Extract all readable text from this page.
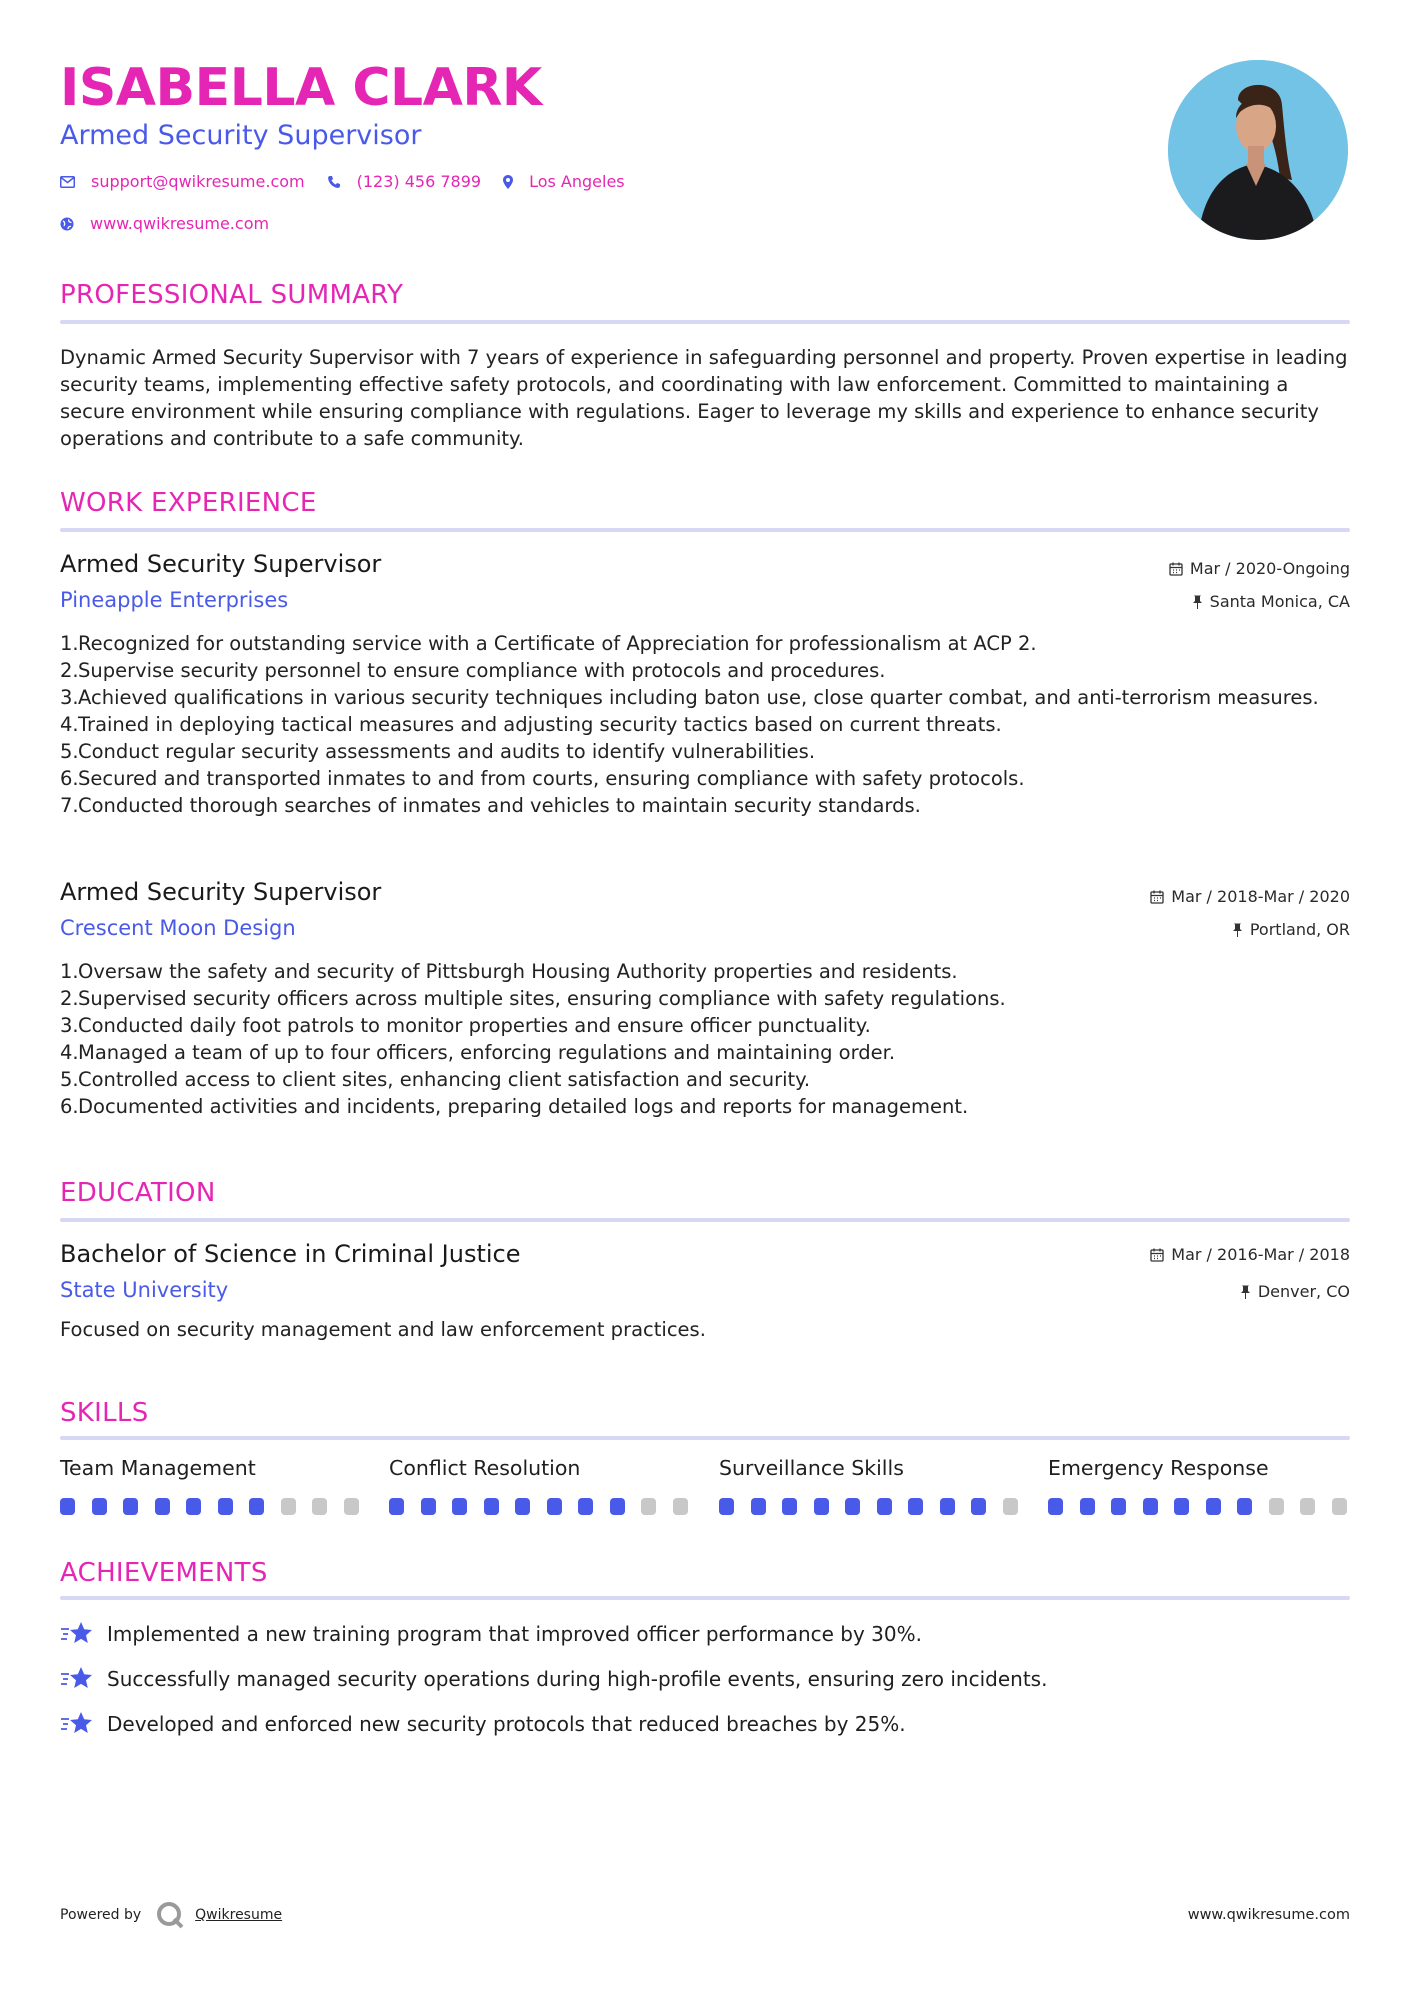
ISABELLA CLARK
Armed Security Supervisor
support@qwikresume.com	(123) 456 7899	Los Angeles
www.qwikresume.com
PROFESSIONAL SUMMARY
Dynamic Armed Security Supervisor with 7 years of experience in safeguarding personnel and property. Proven expertise in leading security teams, implementing effective safety protocols, and coordinating with law enforcement. Committed to maintaining a secure environment while ensuring compliance with regulations. Eager to leverage my skills and experience to enhance security operations and contribute to a safe community.
WORK EXPERIENCE
Armed Security Supervisor
Pineapple Enterprises
Mar / 2020-Ongoing
Santa Monica, CA
1. Recognized for outstanding service with a Certificate of Appreciation for professionalism at ACP 2.
2. Supervise security personnel to ensure compliance with protocols and procedures.
3. Achieved qualifications in various security techniques including baton use, close quarter combat, and anti-terrorism measures.
4. Trained in deploying tactical measures and adjusting security tactics based on current threats.
5. Conduct regular security assessments and audits to identify vulnerabilities.
6. Secured and transported inmates to and from courts, ensuring compliance with safety protocols.
7. Conducted thorough searches of inmates and vehicles to maintain security standards.
Armed Security Supervisor
Crescent Moon Design
Mar / 2018-Mar / 2020
Portland, OR
1. Oversaw the safety and security of Pittsburgh Housing Authority properties and residents.
2. Supervised security officers across multiple sites, ensuring compliance with safety regulations.
3. Conducted daily foot patrols to monitor properties and ensure officer punctuality.
4. Managed a team of up to four officers, enforcing regulations and maintaining order.
5. Controlled access to client sites, enhancing client satisfaction and security.
6. Documented activities and incidents, preparing detailed logs and reports for management.
EDUCATION
Bachelor of Science in Criminal Justice
State University
Mar / 2016-Mar / 2018
Denver, CO
Focused on security management and law enforcement practices.
SKILLS
Team Management	Conflict Resolution	Surveillance Skills	Emergency Response
ACHIEVEMENTS
Implemented a new training program that improved officer performance by 30%.
Successfully managed security operations during high-profile events, ensuring zero incidents.
Developed and enforced new security protocols that reduced breaches by 25%.
Powered by	Qwikresume	www.qwikresume.com
